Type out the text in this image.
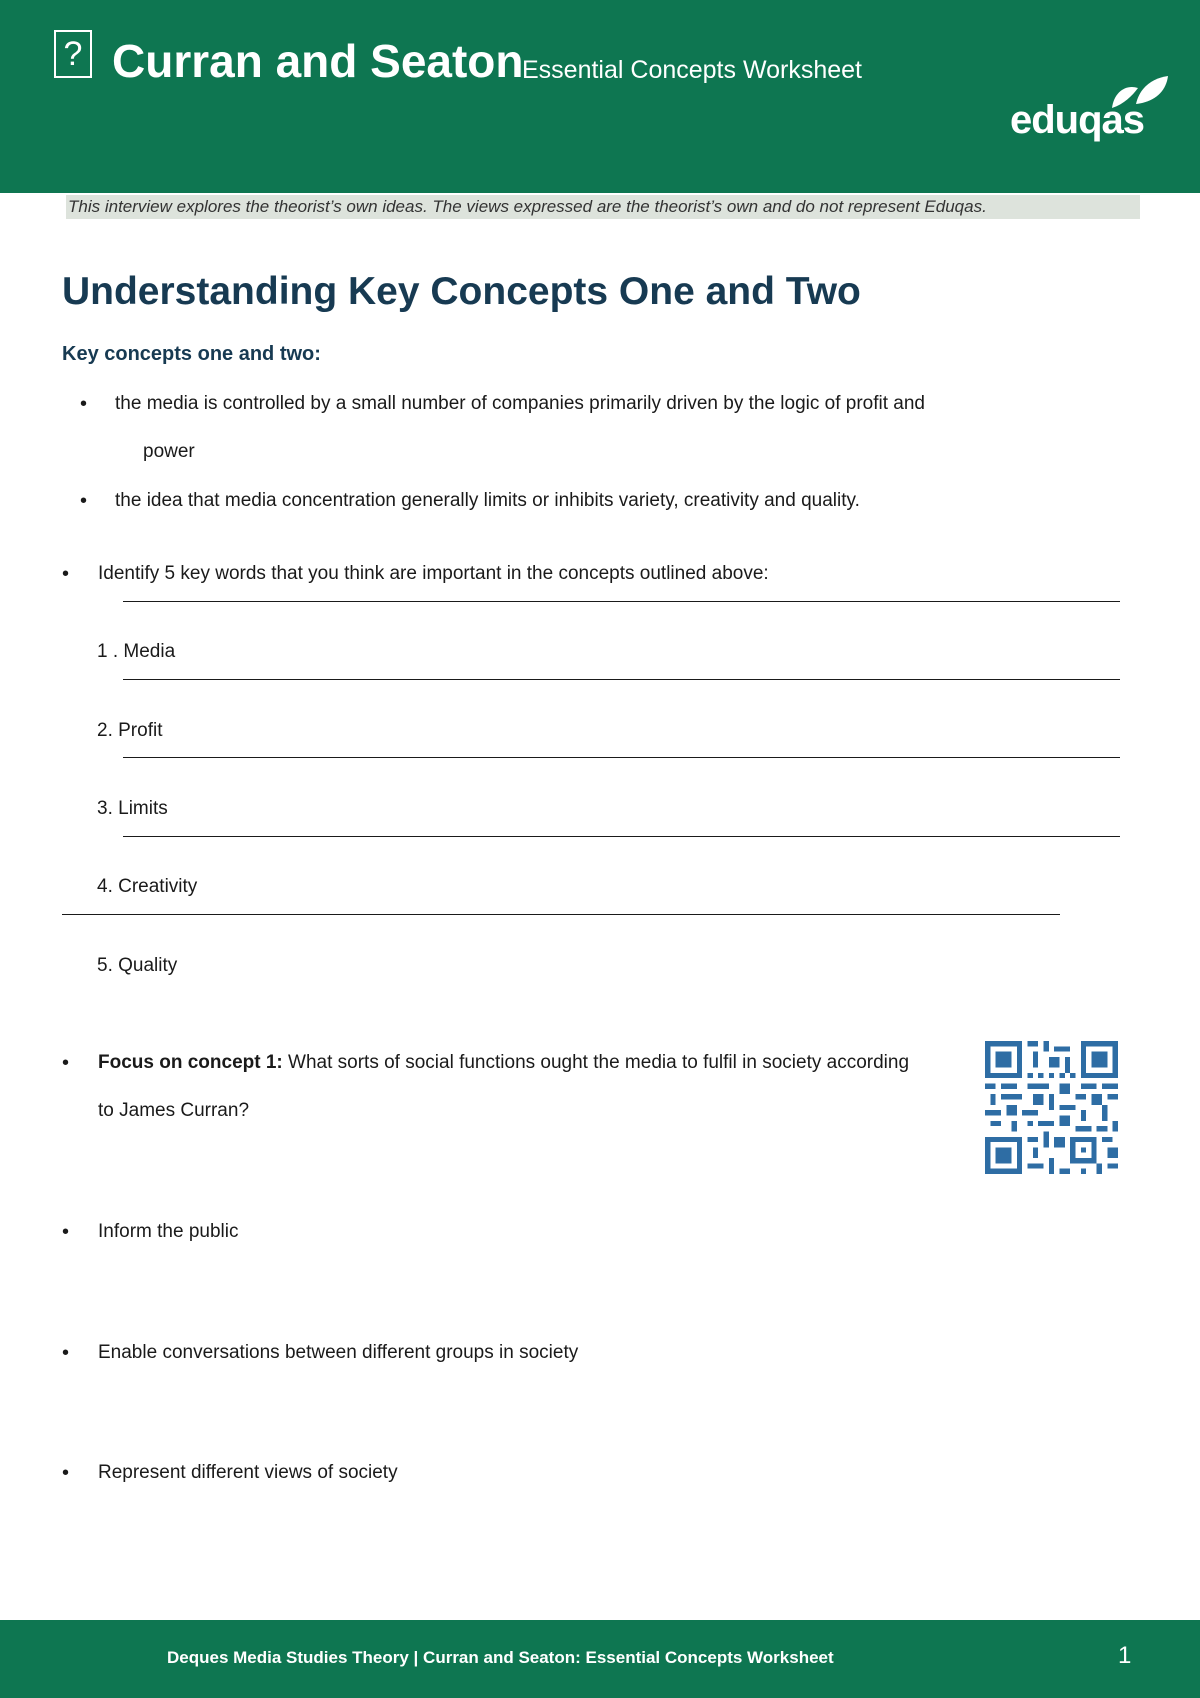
? Curran and Seaton
Essential Concepts Worksheet
eduqas
This interview explores the theorist’s own ideas. The views expressed are the theorist’s own and do not represent Eduqas.
Understanding Key Concepts One and Two
Key concepts one and two:
• the media is controlled by a small number of companies primarily driven by the logic of profit and
power
• the idea that media concentration generally limits or inhibits variety, creativity and quality.
• Identify 5 key words that you think are important in the concepts outlined above:
1 . Media
2. Profit
3. Limits
4. Creativity
5. Quality
• Focus on concept 1: What sorts of social functions ought the media to fulfil in society according
to James Curran?
• Inform the public
• Enable conversations between different groups in society
• Represent different views of society
Deques Media Studies Theory | Curran and Seaton: Essential Concepts Worksheet	1
